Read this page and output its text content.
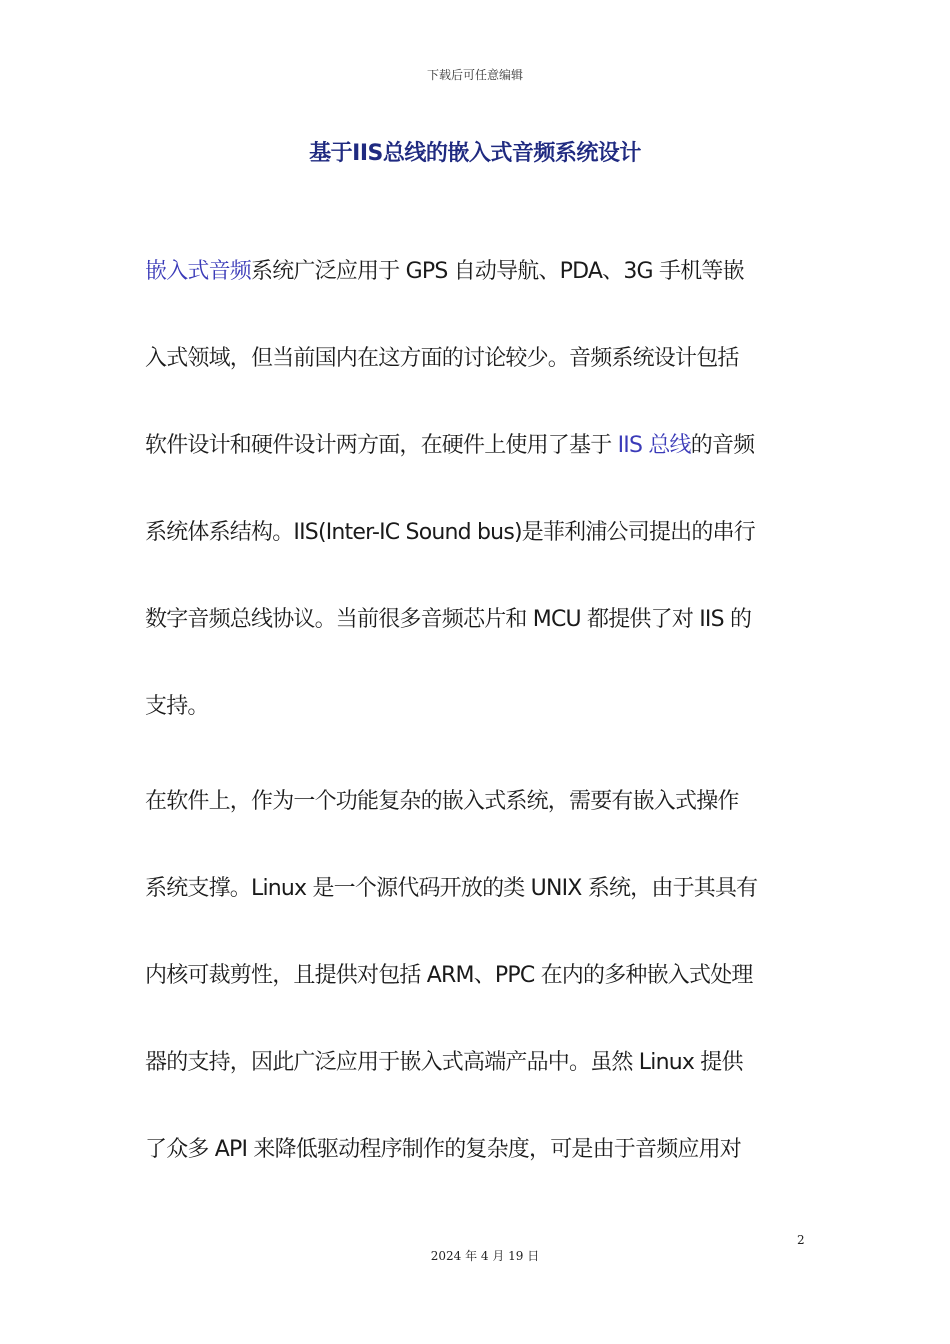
下载后可任意编辑
基于IIS总线的嵌入式音频系统设计
嵌入式音频系统广泛应用于 GPS 自动导航、PDA、3G 手机等嵌
入式领域，但当前国内在这方面的讨论较少。音频系统设计包括
软件设计和硬件设计两方面，在硬件上使用了基于 IIS 总线的音频
系统体系结构。IIS(Inter-IC Sound bus)是菲利浦公司提出的串行
数字音频总线协议。当前很多音频芯片和 MCU 都提供了对 IIS 的
支持。
在软件上，作为一个功能复杂的嵌入式系统，需要有嵌入式操作
系统支撑。Linux 是一个源代码开放的类 UNIX 系统，由于其具有
内核可裁剪性，且提供对包括 ARM、PPC 在内的多种嵌入式处理
器的支持，因此广泛应用于嵌入式高端产品中。虽然 Linux 提供
了众多 API 来降低驱动程序制作的复杂度，可是由于音频应用对
2
2024 年 4 月 19 日
